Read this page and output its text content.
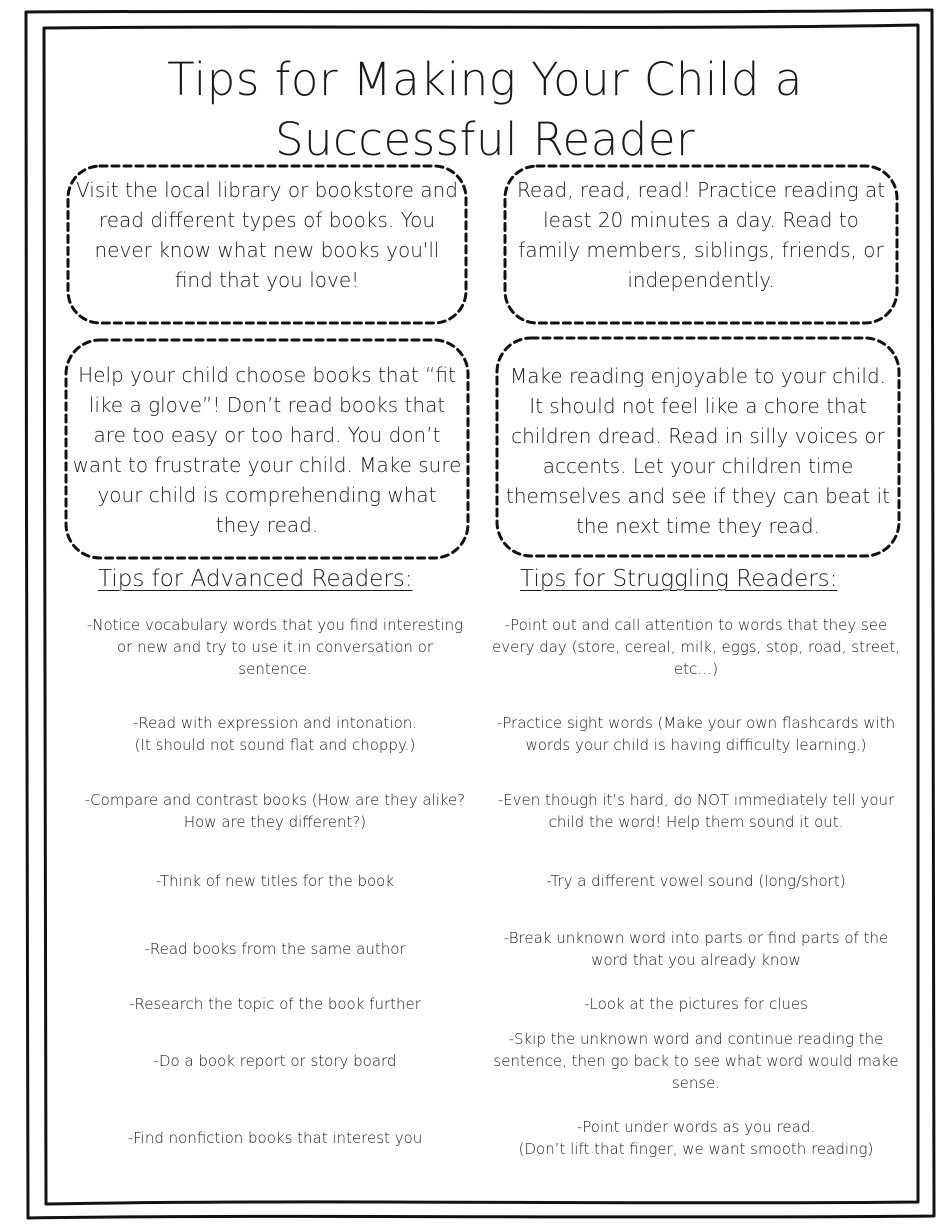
Tips for Making Your Child a
Successful Reader
Visit the local library or bookstore and read different types of books. You never know what new books you'll find that you love!
Read, read, read! Practice reading at least 20 minutes a day. Read to family members, siblings, friends, or independently.
Help your child choose books that “fit like a glove”! Don’t read books that are too easy or too hard. You don’t want to frustrate your child. Make sure your child is comprehending what they read.
Make reading enjoyable to your child. It should not feel like a chore that children dread. Read in silly voices or accents. Let your children time themselves and see if they can beat it the next time they read.
Tips for Advanced Readers:	Tips for Struggling Readers:
-Notice vocabulary words that you find interesting or new and try to use it in conversation or sentence.
-Read with expression and intonation.
(It should not sound flat and choppy.)
-Compare and contrast books (How are they alike? How are they different?)
-Think of new titles for the book
-Read books from the same author
-Research the topic of the book further
-Do a book report or story board
-Find nonfiction books that interest you
-Point out and call attention to words that they see every day (store, cereal, milk, eggs, stop, road, street, etc…)
-Practice sight words (Make your own flashcards with words your child is having difficulty learning.)
-Even though it’s hard, do NOT immediately tell your child the word! Help them sound it out.
-Try a different vowel sound (long/short)
-Break unknown word into parts or find parts of the word that you already know
-Look at the pictures for clues
-Skip the unknown word and continue reading the sentence, then go back to see what word would make sense.
-Point under words as you read.
(Don’t lift that finger, we want smooth reading)
